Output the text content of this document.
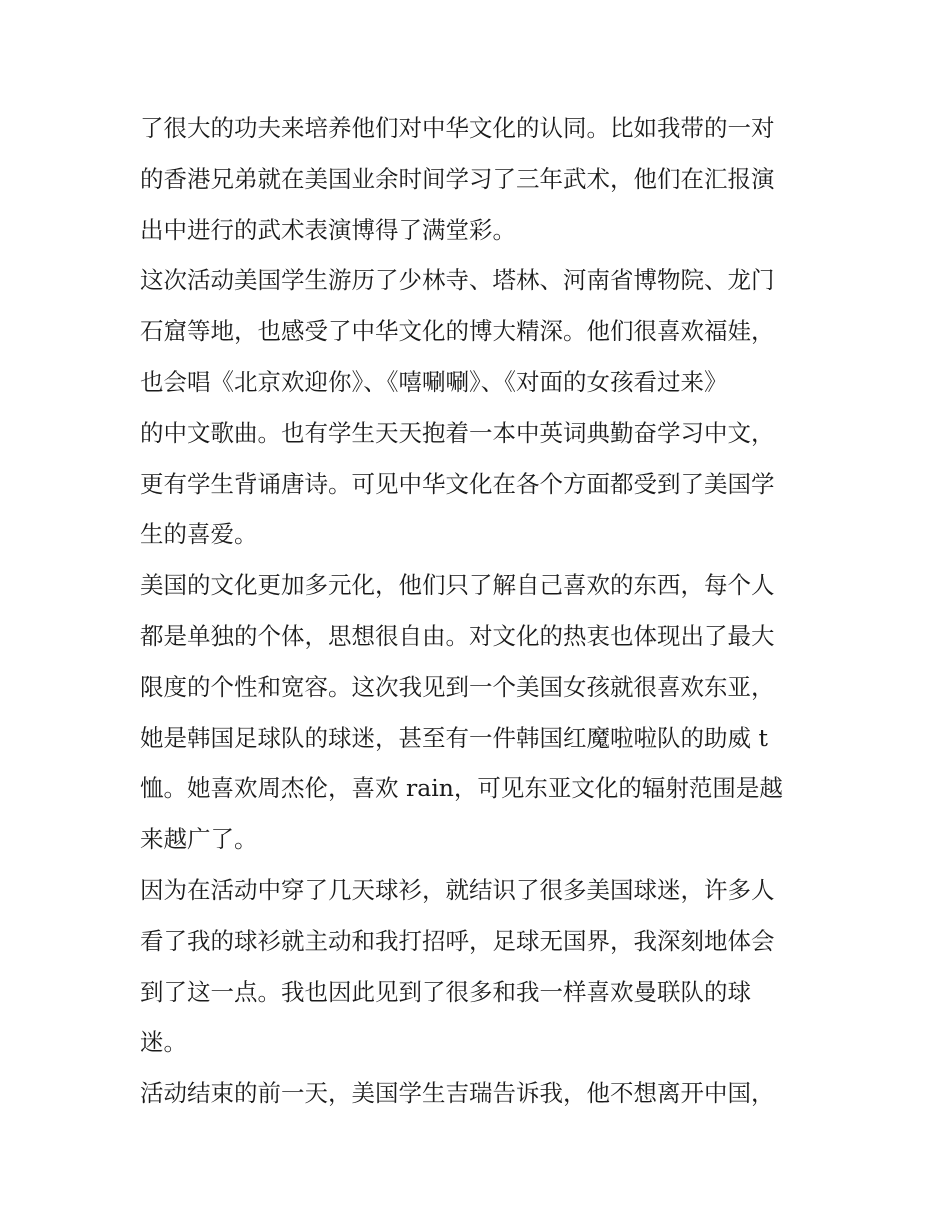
了很大的功夫来培养他们对中华文化的认同。比如我带的一对
的香港兄弟就在美国业余时间学习了三年武术，他们在汇报演
出中进行的武术表演博得了满堂彩。
这次活动美国学生游历了少林寺、塔林、河南省博物院、龙门
石窟等地，也感受了中华文化的博大精深。他们很喜欢福娃，
也会唱《北京欢迎你》、《嘻唰唰》、《对面的女孩看过来》
的中文歌曲。也有学生天天抱着一本中英词典勤奋学习中文，
更有学生背诵唐诗。可见中华文化在各个方面都受到了美国学
生的喜爱。
美国的文化更加多元化，他们只了解自己喜欢的东西，每个人
都是单独的个体，思想很自由。对文化的热衷也体现出了最大
限度的个性和宽容。这次我见到一个美国女孩就很喜欢东亚，
她是韩国足球队的球迷，甚至有一件韩国红魔啦啦队的助威 t
恤。她喜欢周杰伦，喜欢 rain，可见东亚文化的辐射范围是越
来越广了。
因为在活动中穿了几天球衫，就结识了很多美国球迷，许多人
看了我的球衫就主动和我打招呼，足球无国界，我深刻地体会
到了这一点。我也因此见到了很多和我一样喜欢曼联队的球
迷。
活动结束的前一天，美国学生吉瑞告诉我，他不想离开中国，
